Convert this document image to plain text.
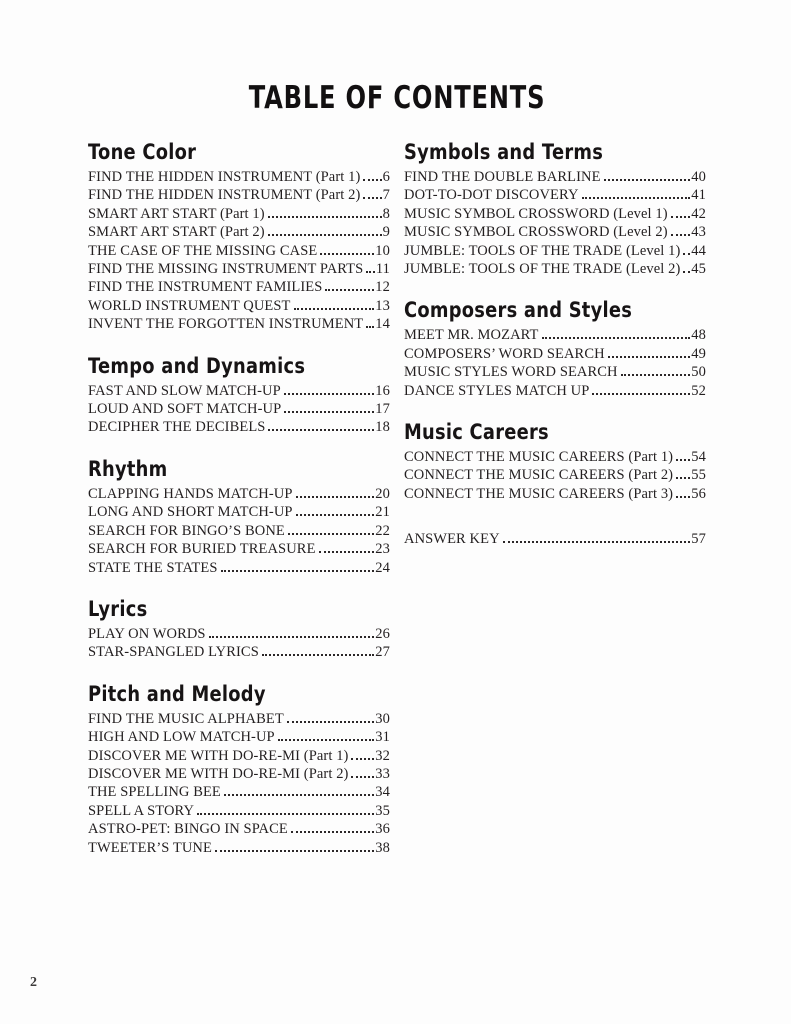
TABLE OF CONTENTS
Tone Color
FIND THE HIDDEN INSTRUMENT (Part 1) 6
FIND THE HIDDEN INSTRUMENT (Part 2) 7
SMART ART START (Part 1)	8
SMART ART START (Part 2)	9
THE CASE OF THE MISSING CASE	10
FIND THE MISSING INSTRUMENT PARTS 11
FIND THE INSTRUMENT FAMILIES	12
WORLD INSTRUMENT QUEST	13
INVENT THE FORGOTTEN INSTRUMENT 14
Tempo and Dynamics
FAST AND SLOW MATCH-UP	16
LOUD AND SOFT MATCH-UP	17
DECIPHER THE DECIBELS	18
Rhythm
CLAPPING HANDS MATCH-UP	20
LONG AND SHORT MATCH-UP	21
SEARCH FOR BINGO’S BONE	22
SEARCH FOR BURIED TREASURE	23
STATE THE STATES	24
Lyrics
PLAY ON WORDS	26
STAR-SPANGLED LYRICS	27
Pitch and Melody
FIND THE MUSIC ALPHABET	30
HIGH AND LOW MATCH-UP	31
DISCOVER ME WITH DO-RE-MI (Part 1) 32
DISCOVER ME WITH DO-RE-MI (Part 2) 33
THE SPELLING BEE	34
SPELL A STORY	35
ASTRO-PET: BINGO IN SPACE	36
TWEETER’S TUNE	38
Symbols and Terms
FIND THE DOUBLE BARLINE	40
DOT-TO-DOT DISCOVERY	41
MUSIC SYMBOL CROSSWORD (Level 1) 42
MUSIC SYMBOL CROSSWORD (Level 2) 43
JUMBLE: TOOLS OF THE TRADE (Level 1) 44
JUMBLE: TOOLS OF THE TRADE (Level 2) 45
Composers and Styles
MEET MR. MOZART	48
COMPOSERS’ WORD SEARCH	49
MUSIC STYLES WORD SEARCH	50
DANCE STYLES MATCH UP	52
Music Careers
CONNECT THE MUSIC CAREERS (Part 1) 54
CONNECT THE MUSIC CAREERS (Part 2) 55
CONNECT THE MUSIC CAREERS (Part 3) 56
ANSWER KEY	57
2
